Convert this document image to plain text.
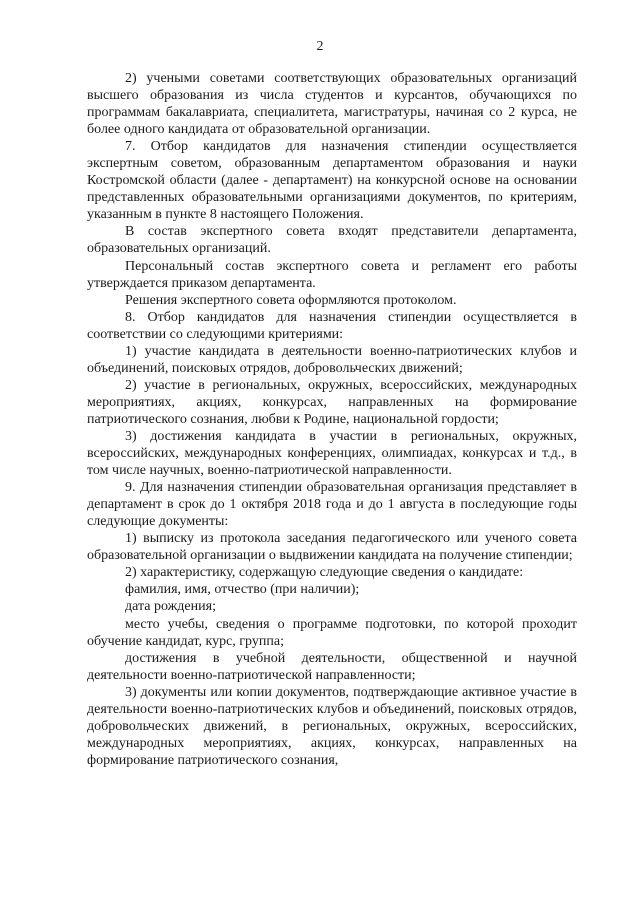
2

2) учеными советами соответствующих образовательных организаций высшего образования из числа студентов и курсантов, обучающихся по программам бакалавриата, специалитета, магистратуры, начиная со 2 курса, не более одного кандидата от образовательной организации.

7. Отбор кандидатов для назначения стипендии осуществляется экспертным советом, образованным департаментом образования и науки Костромской области (далее - департамент) на конкурсной основе на основании представленных образовательными организациями документов, по критериям, указанным в пункте 8 настоящего Положения.

В состав экспертного совета входят представители департамента, образовательных организаций.

Персональный состав экспертного совета и регламент его работы утверждается приказом департамента.

Решения экспертного совета оформляются протоколом.

8. Отбор кандидатов для назначения стипендии осуществляется в соответствии со следующими критериями:

1) участие кандидата в деятельности военно-патриотических клубов и объединений, поисковых отрядов, добровольческих движений;

2) участие в региональных, окружных, всероссийских, международных мероприятиях, акциях, конкурсах, направленных на формирование патриотического сознания, любви к Родине, национальной гордости;

3) достижения кандидата в участии в региональных, окружных, всероссийских, международных конференциях, олимпиадах, конкурсах и т.д., в том числе научных, военно-патриотической направленности.

9. Для назначения стипендии образовательная организация представляет в департамент в срок до 1 октября 2018 года и до 1 августа в последующие годы следующие документы:

1) выписку из протокола заседания педагогического или ученого совета образовательной организации о выдвижении кандидата на получение стипендии;

2) характеристику, содержащую следующие сведения о кандидате:

фамилия, имя, отчество (при наличии);

дата рождения;

место учебы, сведения о программе подготовки, по которой проходит обучение кандидат, курс, группа;

достижения в учебной деятельности, общественной и научной деятельности военно-патриотической направленности;

3) документы или копии документов, подтверждающие активное участие в деятельности военно-патриотических клубов и объединений, поисковых отрядов, добровольческих движений, в региональных, окружных, всероссийских, международных мероприятиях, акциях, конкурсах, направленных на формирование патриотического сознания,
